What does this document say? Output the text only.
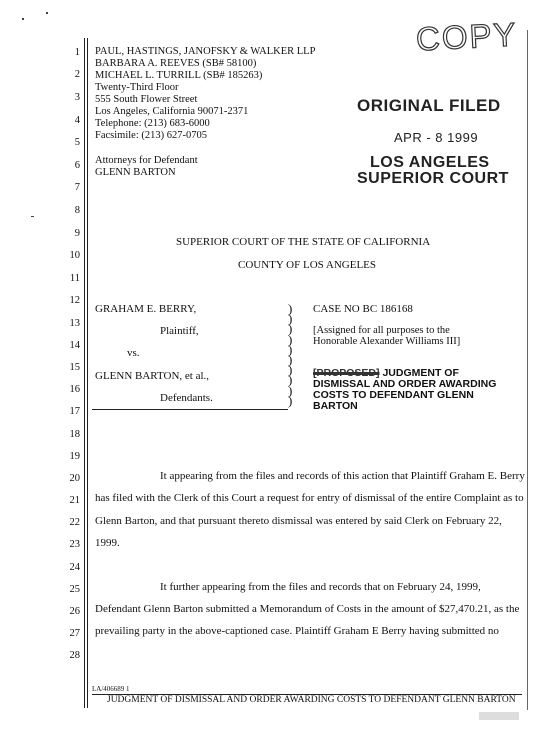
1
2
3
4
5
6
7
8
9
10
11
12
13
14
15
16
17
18
19
20
21
22
23
24
25
26
27
28
PAUL, HASTINGS, JANOFSKY & WALKER LLP
BARBARA A. REEVES (SB# 58100)
MICHAEL L. TURRILL (SB# 185263)
Twenty-Third Floor
555 South Flower Street
Los Angeles, California 90071-2371
Telephone: (213) 683-6000
Facsimile: (213) 627-0705
Attorneys for Defendant
GLENN BARTON
COPY
ORIGINAL FILED
APR - 8 1999
LOS ANGELES
SUPERIOR COURT
SUPERIOR COURT OF THE STATE OF CALIFORNIA
COUNTY OF LOS ANGELES
GRAHAM E. BERRY,
Plaintiff,
vs.
GLENN BARTON, et al.,
Defendants.
)
)
)
)
)
)
)
)
)
)
CASE NO BC 186168
[Assigned for all purposes to the
Honorable Alexander Williams III]
[PROPOSED] JUDGMENT OF
DISMISSAL AND ORDER AWARDING
COSTS TO DEFENDANT GLENN
BARTON
It appearing from the files and records of this action that Plaintiff Graham E. Berry
has filed with the Clerk of this Court a request for entry of dismissal of the entire Complaint as to
Glenn Barton, and that pursuant thereto dismissal was entered by said Clerk on February 22,
1999.
It further appearing from the files and records that on February 24, 1999,
Defendant Glenn Barton submitted a Memorandum of Costs in the amount of $27,470.21, as the
prevailing party in the above-captioned case. Plaintiff Graham E Berry having submitted no
LA/406689 1
JUDGMENT OF DISMISSAL AND ORDER AWARDING COSTS TO DEFENDANT GLENN BARTON
